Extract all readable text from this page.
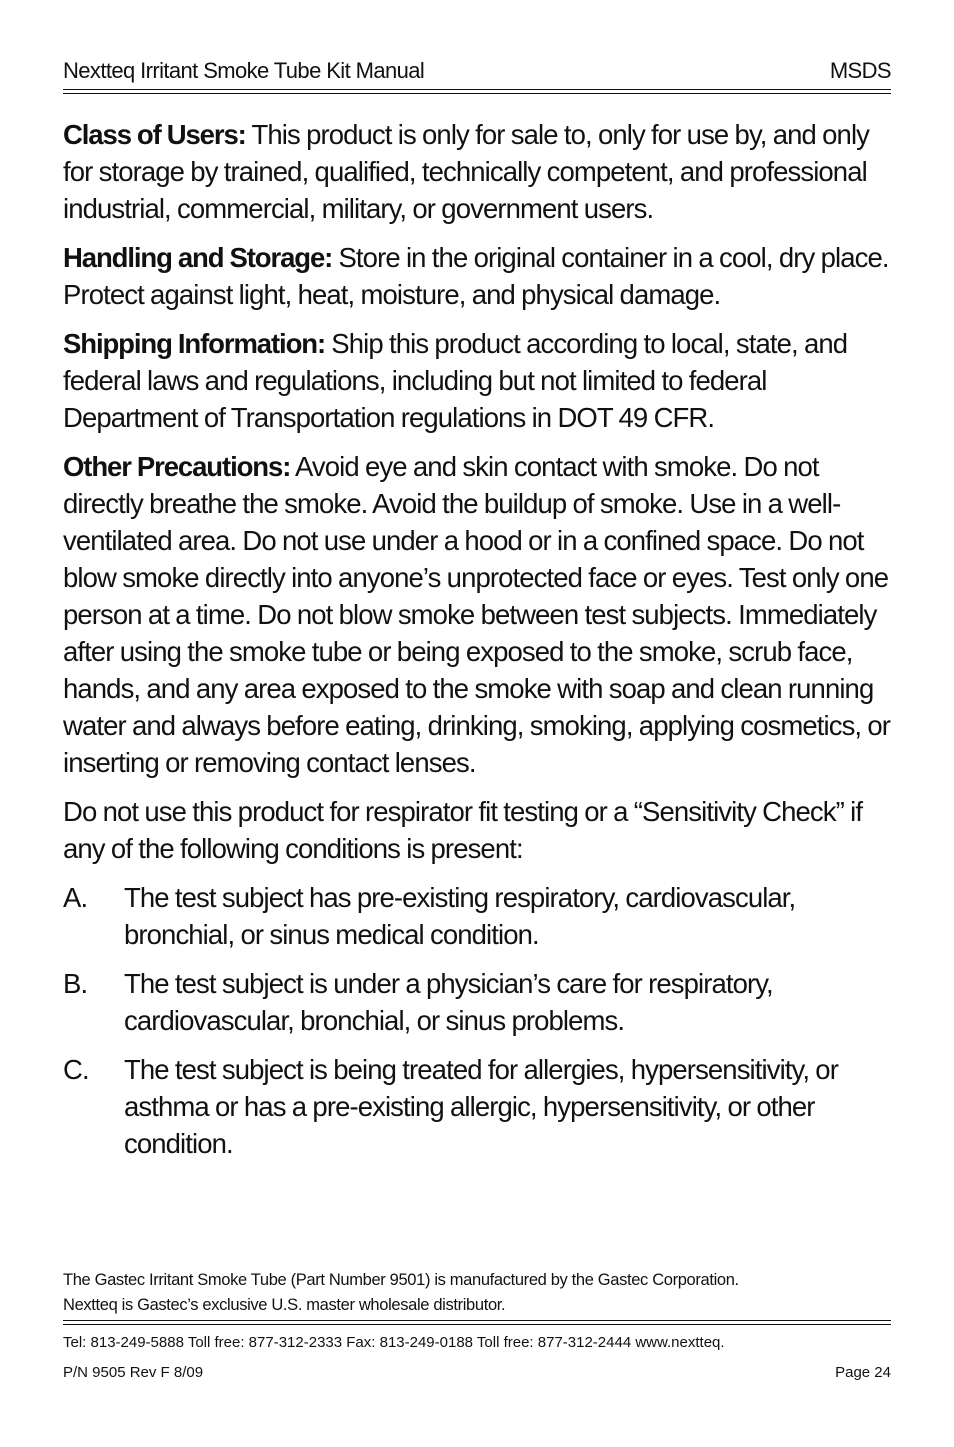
Nextteq Irritant Smoke Tube Kit Manual	MSDS

Class of Users: This product is only for sale to, only for use by, and only for storage by trained, qualified, technically competent, and professional industrial, commercial, military, or government users.

Handling and Storage: Store in the original container in a cool, dry place. Protect against light, heat, moisture, and physical damage.

Shipping Information: Ship this product according to local, state, and federal laws and regulations, including but not limited to federal Department of Transportation regulations in DOT 49 CFR.

Other Precautions: Avoid eye and skin contact with smoke. Do not directly breathe the smoke. Avoid the buildup of smoke. Use in a well-ventilated area. Do not use under a hood or in a confined space. Do not blow smoke directly into anyone’s unprotected face or eyes. Test only one person at a time. Do not blow smoke between test subjects. Immediately after using the smoke tube or being exposed to the smoke, scrub face, hands, and any area exposed to the smoke with soap and clean running water and always before eating, drinking, smoking, applying cosmetics, or inserting or removing contact lenses.

Do not use this product for respirator fit testing or a “Sensitivity Check” if any of the following conditions is present:

A.	The test subject has pre-existing respiratory, cardiovascular, bronchial, or sinus medical condition.
B.	The test subject is under a physician’s care for respiratory, cardiovascular, bronchial, or sinus problems.
C.	The test subject is being treated for allergies, hypersensitivity, or asthma or has a pre-existing allergic, hypersensitivity, or other condition.
The Gastec Irritant Smoke Tube (Part Number 9501) is manufactured by the Gastec Corporation.
Nextteq is Gastec’s exclusive U.S. master wholesale distributor.
Tel: 813-249-5888 Toll free: 877-312-2333 Fax: 813-249-0188 Toll free: 877-312-2444 www.nextteq.
P/N 9505 Rev F 8/09	Page 24
